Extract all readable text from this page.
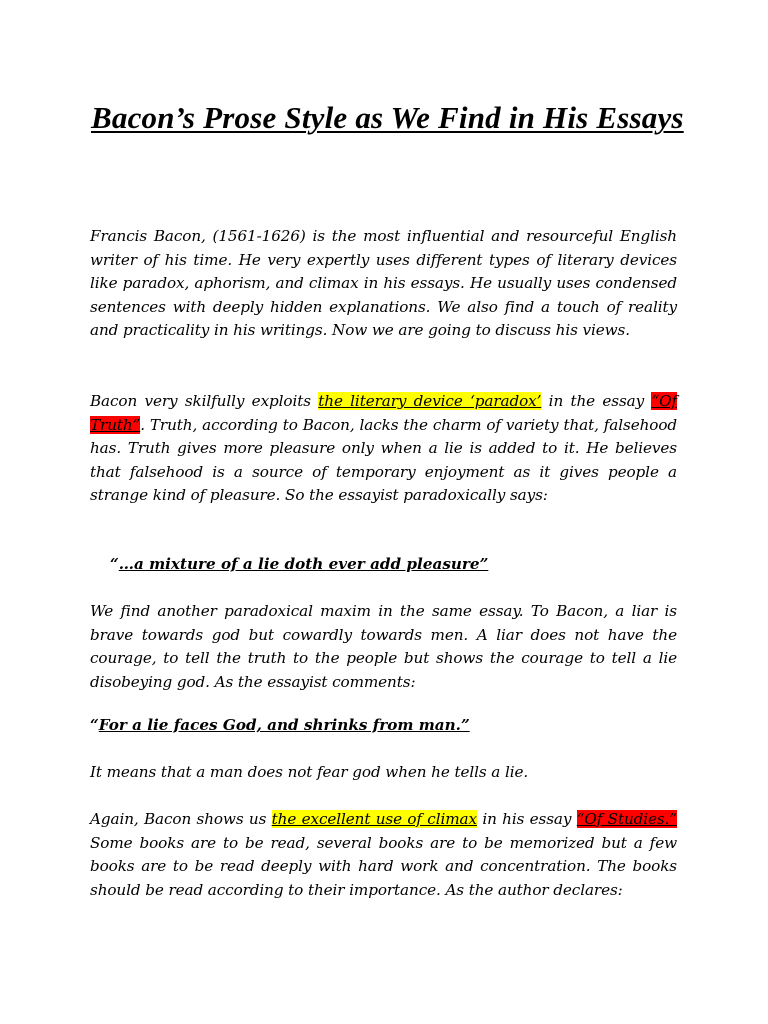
Bacon’s Prose Style as We Find in His Essays

Francis Bacon, (1561-1626) is the most influential and resourceful English writer of his time. He very expertly uses different types of literary devices like paradox, aphorism, and climax in his essays. He usually uses condensed sentences with deeply hidden explanations. We also find a touch of reality and practicality in his writings. Now we are going to discuss his views.

Bacon very skilfully exploits the literary device ‘paradox’ in the essay “Of Truth”. Truth, according to Bacon, lacks the charm of variety that, falsehood has. Truth gives more pleasure only when a lie is added to it. He believes that falsehood is a source of temporary enjoyment as it gives people a strange kind of pleasure. So the essayist paradoxically says:

“…a mixture of a lie doth ever add pleasure”

We find another paradoxical maxim in the same essay. To Bacon, a liar is brave towards god but cowardly towards men. A liar does not have the courage, to tell the truth to the people but shows the courage to tell a lie disobeying god. As the essayist comments:

“For a lie faces God, and shrinks from man.”

It means that a man does not fear god when he tells a lie.

Again, Bacon shows us the excellent use of climax in his essay “Of Studies.” Some books are to be read, several books are to be memorized but a few books are to be read deeply with hard work and concentration. The books should be read according to their importance. As the author declares:
